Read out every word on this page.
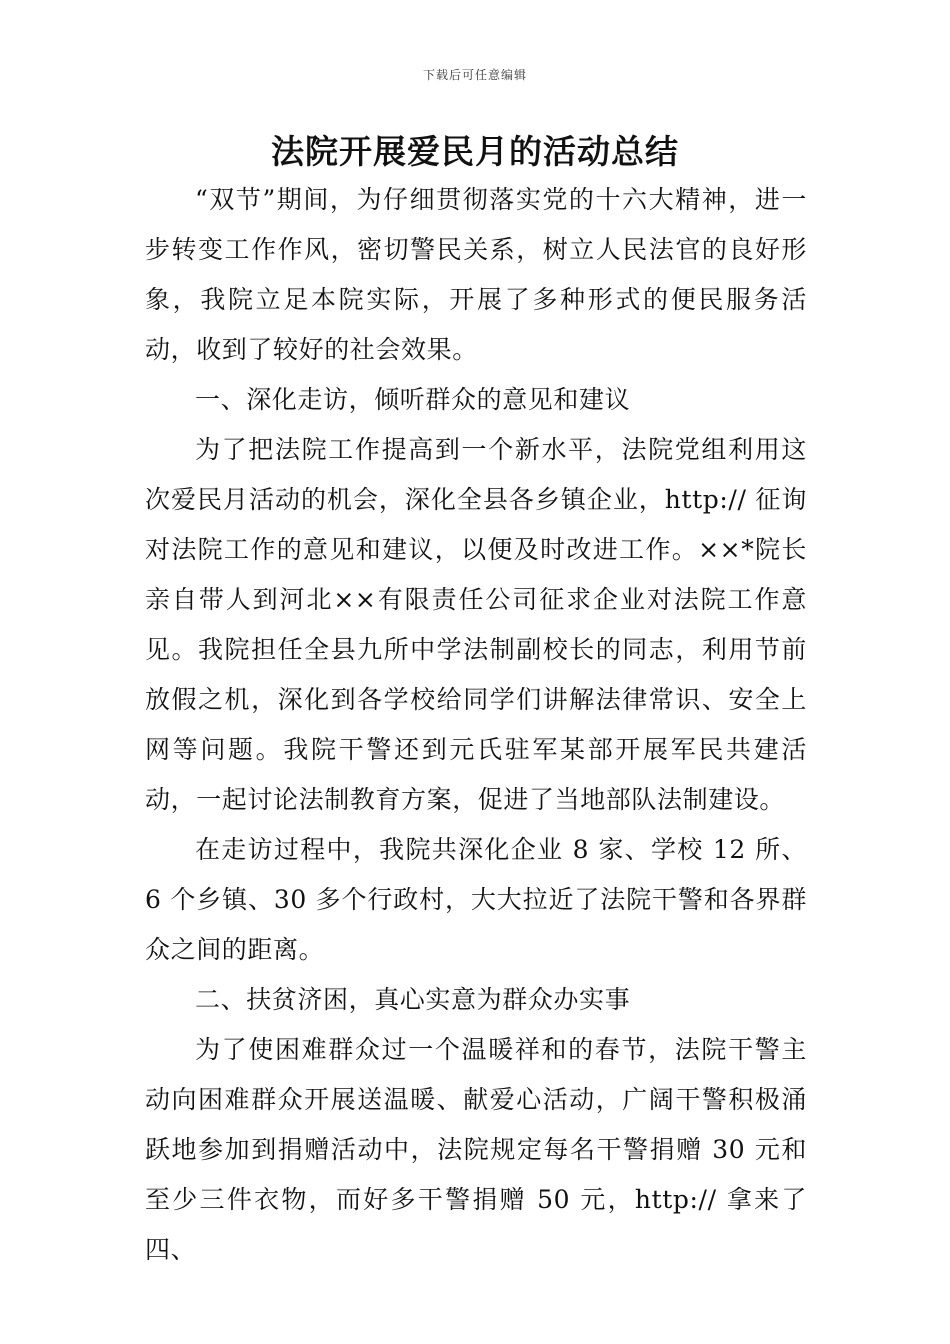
下载后可任意编辑
法院开展爱民月的活动总结

“双节”期间，为仔细贯彻落实党的十六大精神，进一步转变工作作风，密切警民关系，树立人民法官的良好形象，我院立足本院实际，开展了多种形式的便民服务活动，收到了较好的社会效果。

一、深化走访，倾听群众的意见和建议

为了把法院工作提高到一个新水平，法院党组利用这次爱民月活动的机会，深化全县各乡镇企业，http:// 征询对法院工作的意见和建议，以便及时改进工作。××*院长亲自带人到河北××有限责任公司征求企业对法院工作意见。我院担任全县九所中学法制副校长的同志，利用节前放假之机，深化到各学校给同学们讲解法律常识、安全上网等问题。我院干警还到元氏驻军某部开展军民共建活动，一起讨论法制教育方案，促进了当地部队法制建设。

在走访过程中，我院共深化企业 8 家、学校 12 所、6 个乡镇、30 多个行政村，大大拉近了法院干警和各界群众之间的距离。

二、扶贫济困，真心实意为群众办实事

为了使困难群众过一个温暖祥和的春节，法院干警主动向困难群众开展送温暖、献爱心活动，广阔干警积极涌跃地参加到捐赠活动中，法院规定每名干警捐赠 30 元和至少三件衣物，而好多干警捐赠 50 元，http:// 拿来了四、
